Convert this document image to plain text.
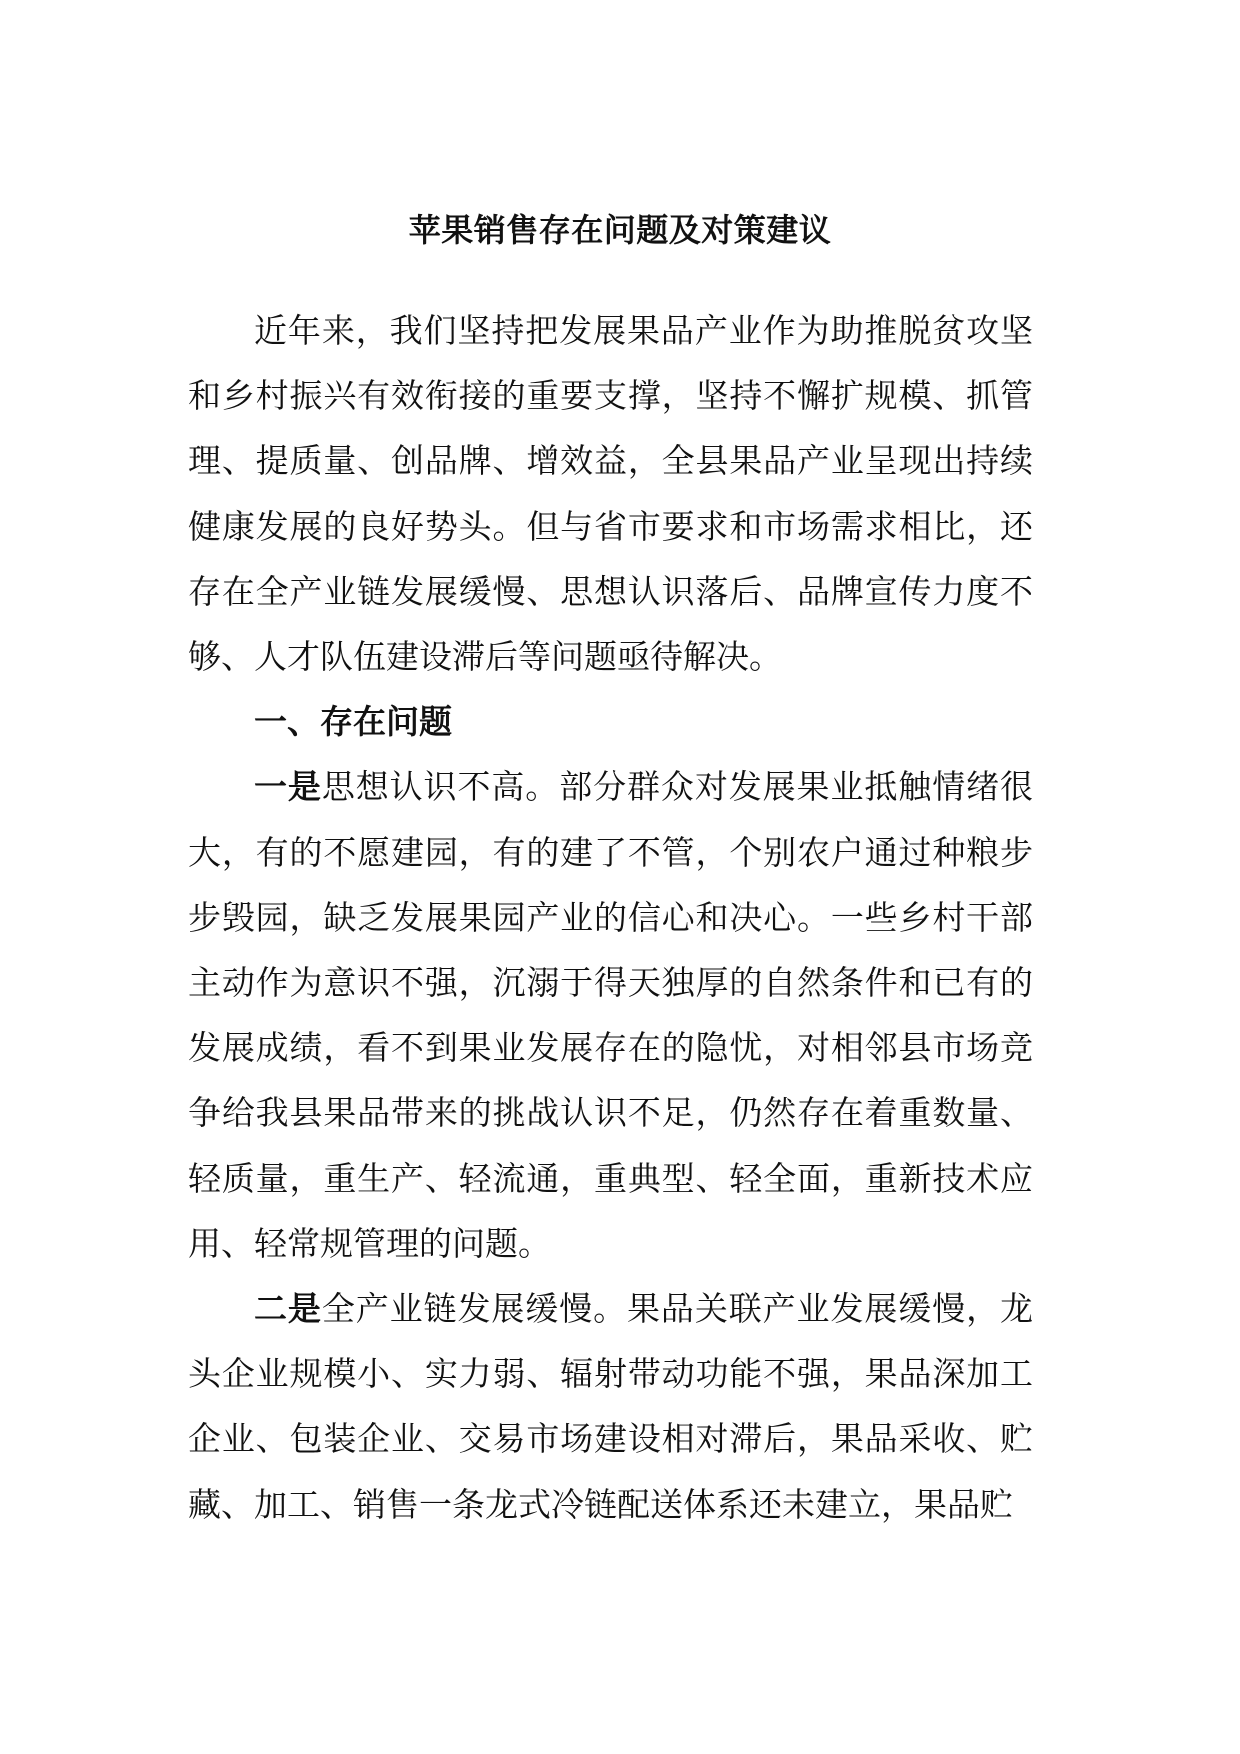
苹果销售存在问题及对策建议

近年来，我们坚持把发展果品产业作为助推脱贫攻坚和乡村振兴有效衔接的重要支撑，坚持不懈扩规模、抓管理、提质量、创品牌、增效益，全县果品产业呈现出持续健康发展的良好势头。但与省市要求和市场需求相比，还存在全产业链发展缓慢、思想认识落后、品牌宣传力度不够、人才队伍建设滞后等问题亟待解决。

一、存在问题

一是思想认识不高。部分群众对发展果业抵触情绪很大，有的不愿建园，有的建了不管，个别农户通过种粮步步毁园，缺乏发展果园产业的信心和决心。一些乡村干部主动作为意识不强，沉溺于得天独厚的自然条件和已有的发展成绩，看不到果业发展存在的隐忧，对相邻县市场竞争给我县果品带来的挑战认识不足，仍然存在着重数量、轻质量，重生产、轻流通，重典型、轻全面，重新技术应用、轻常规管理的问题。

二是全产业链发展缓慢。果品关联产业发展缓慢，龙头企业规模小、实力弱、辐射带动功能不强，果品深加工企业、包装企业、交易市场建设相对滞后，果品采收、贮藏、加工、销售一条龙式冷链配送体系还未建立，果品贮
